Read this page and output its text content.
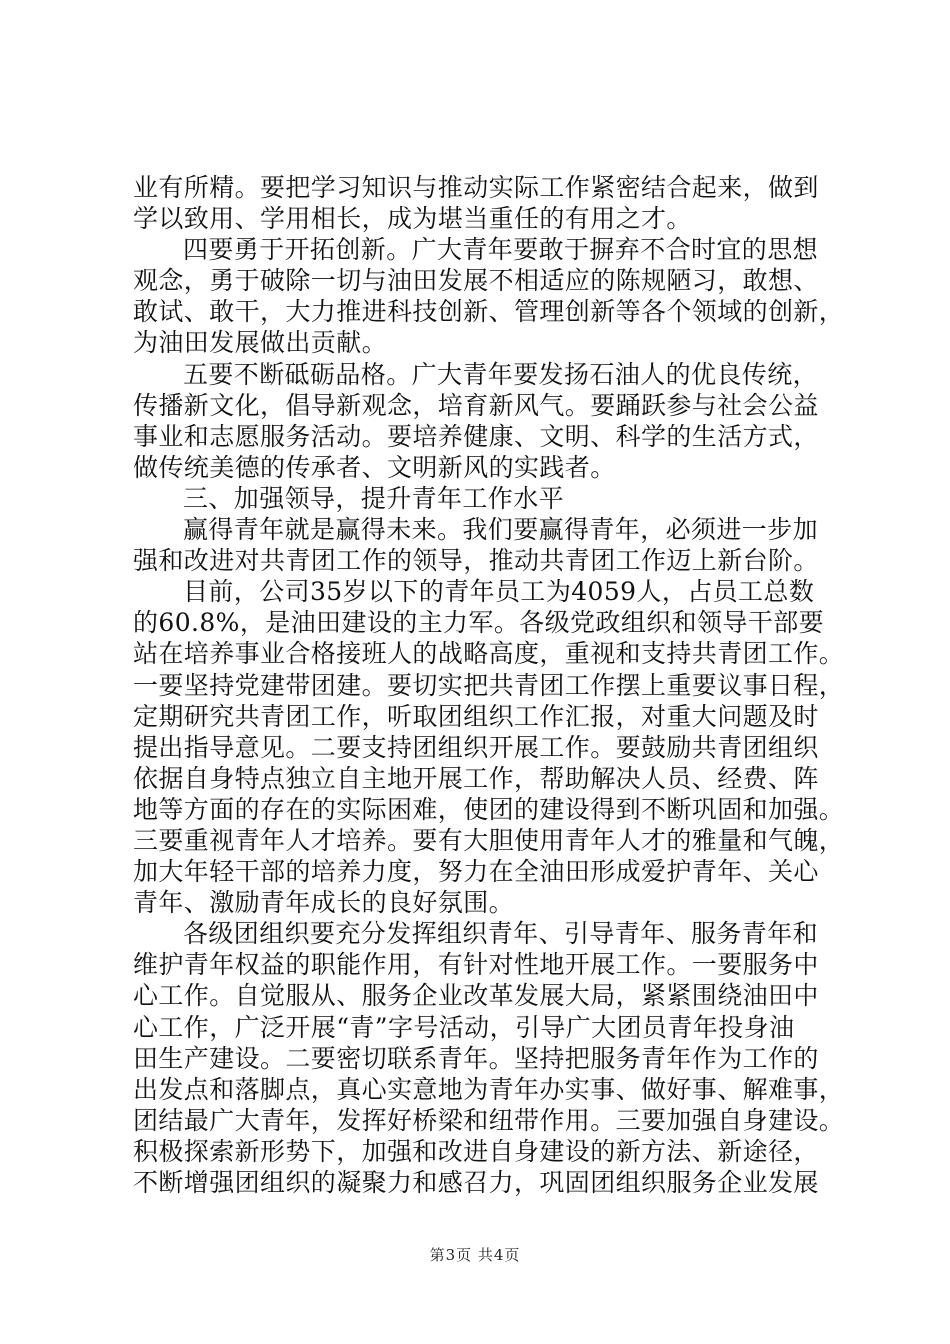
业有所精。要把学习知识与推动实际工作紧密结合起来，做到
学以致用、学用相长，成为堪当重任的有用之才。
四要勇于开拓创新。广大青年要敢于摒弃不合时宜的思想
观念，勇于破除一切与油田发展不相适应的陈规陋习，敢想、
敢试、敢干，大力推进科技创新、管理创新等各个领域的创新，
为油田发展做出贡献。
五要不断砥砺品格。广大青年要发扬石油人的优良传统，
传播新文化，倡导新观念，培育新风气。要踊跃参与社会公益
事业和志愿服务活动。要培养健康、文明、科学的生活方式，
做传统美德的传承者、文明新风的实践者。
三、加强领导，提升青年工作水平
赢得青年就是赢得未来。我们要赢得青年，必须进一步加
强和改进对共青团工作的领导，推动共青团工作迈上新台阶。
目前，公司35岁以下的青年员工为4059人，占员工总数
的60.8%，是油田建设的主力军。各级党政组织和领导干部要
站在培养事业合格接班人的战略高度，重视和支持共青团工作。
一要坚持党建带团建。要切实把共青团工作摆上重要议事日程，
定期研究共青团工作，听取团组织工作汇报，对重大问题及时
提出指导意见。二要支持团组织开展工作。要鼓励共青团组织
依据自身特点独立自主地开展工作，帮助解决人员、经费、阵
地等方面的存在的实际困难，使团的建设得到不断巩固和加强。
三要重视青年人才培养。要有大胆使用青年人才的雅量和气魄，
加大年轻干部的培养力度，努力在全油田形成爱护青年、关心
青年、激励青年成长的良好氛围。
各级团组织要充分发挥组织青年、引导青年、服务青年和
维护青年权益的职能作用，有针对性地开展工作。一要服务中
心工作。自觉服从、服务企业改革发展大局，紧紧围绕油田中
心工作，广泛开展“青”字号活动，引导广大团员青年投身油
田生产建设。二要密切联系青年。坚持把服务青年作为工作的
出发点和落脚点，真心实意地为青年办实事、做好事、解难事，
团结最广大青年，发挥好桥梁和纽带作用。三要加强自身建设。
积极探索新形势下，加强和改进自身建设的新方法、新途径，
不断增强团组织的凝聚力和感召力，巩固团组织服务企业发展
第3页 共4页
